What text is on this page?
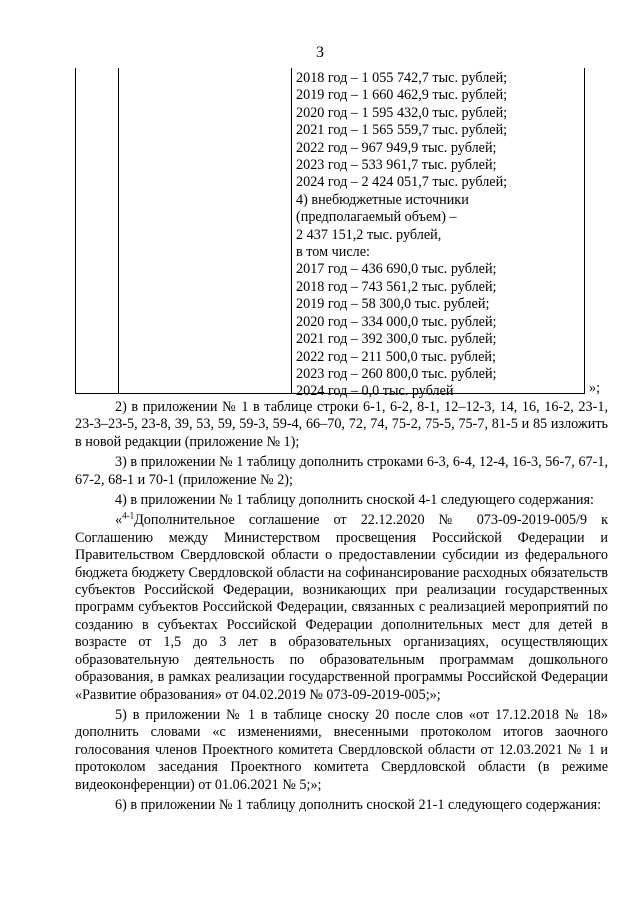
3
2018 год – 1 055 742,7 тыс. рублей;
2019 год – 1 660 462,9 тыс. рублей;
2020 год – 1 595 432,0 тыс. рублей;
2021 год – 1 565 559,7 тыс. рублей;
2022 год – 967 949,9 тыс. рублей;
2023 год – 533 961,7 тыс. рублей;
2024 год – 2 424 051,7 тыс. рублей;
4) внебюджетные источники
(предполагаемый объем) –
2 437 151,2 тыс. рублей,
в том числе:
2017 год – 436 690,0 тыс. рублей;
2018 год – 743 561,2 тыс. рублей;
2019 год – 58 300,0 тыс. рублей;
2020 год – 334 000,0 тыс. рублей;
2021 год – 392 300,0 тыс. рублей;
2022 год – 211 500,0 тыс. рублей;
2023 год – 260 800,0 тыс. рублей;
2024 год – 0,0 тыс. рублей	»;

2) в приложении № 1 в таблице строки 6-1, 6-2, 8-1, 12–12-3, 14, 16, 16-2, 23-1, 23-3–23-5, 23-8, 39, 53, 59, 59-3, 59-4, 66–70, 72, 74, 75-2, 75-5, 75-7, 81-5 и 85 изложить в новой редакции (приложение № 1);

3) в приложении № 1 таблицу дополнить строками 6-3, 6-4, 12-4, 16-3, 56-7, 67-1, 67-2, 68-1 и 70-1 (приложение № 2);

4) в приложении № 1 таблицу дополнить сноской 4-1 следующего содержания:

«$^{4-1}$Дополнительное соглашение от 22.12.2020 № 073-09-2019-005/9 к Соглашению между Министерством просвещения Российской Федерации и Правительством Свердловской области о предоставлении субсидии из федерального бюджета бюджету Свердловской области на софинансирование расходных обязательств субъектов Российской Федерации, возникающих при реализации государственных программ субъектов Российской Федерации, связанных с реализацией мероприятий по созданию в субъектах Российской Федерации дополнительных мест для детей в возрасте от 1,5 до 3 лет в образовательных организациях, осуществляющих образовательную деятельность по образовательным программам дошкольного образования, в рамках реализации государственной программы Российской Федерации «Развитие образования» от 04.02.2019 № 073-09-2019-005;»;

5) в приложении № 1 в таблице сноску 20 после слов «от 17.12.2018 № 18» дополнить словами «с изменениями, внесенными протоколом итогов заочного голосования членов Проектного комитета Свердловской области от 12.03.2021 № 1 и протоколом заседания Проектного комитета Свердловской области (в режиме видеоконференции) от 01.06.2021 № 5;»;

6) в приложении № 1 таблицу дополнить сноской 21-1 следующего содержания:
